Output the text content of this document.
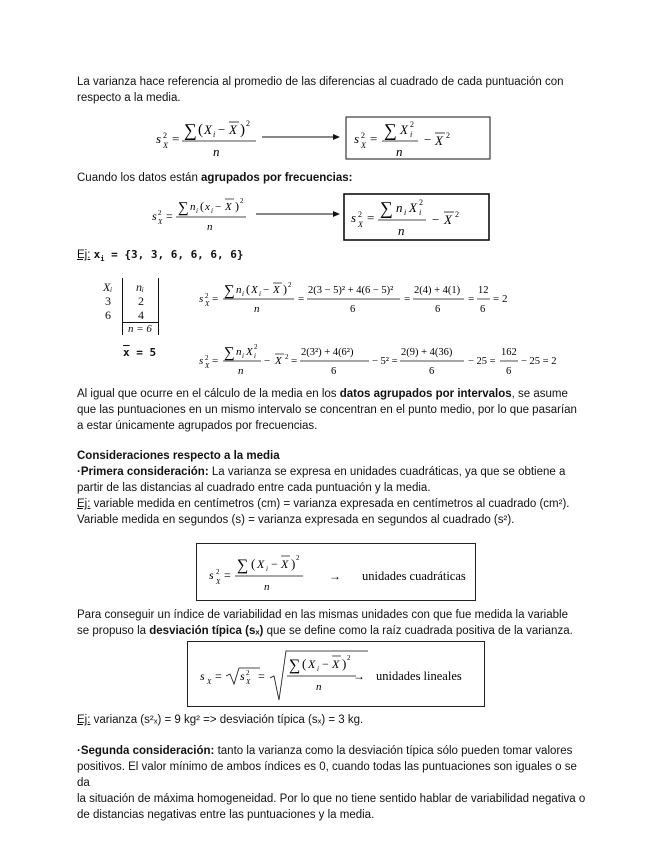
La varianza hace referencia al promedio de las diferencias al cuadrado de cada puntuación con
respecto a la media.
s 2
X = ∑ ( X i − X ) 2
n
s 2
X = ∑ X 2
i
n
− X 2
Cuando los datos están agrupados por frecuencias:
s 2
X = ∑ n i ( x i − X ) 2
n
s 2
X = ∑ n i X 2
i
n
− X 2
Ej: $x_i = \{3$, 3, 6, 6, 6, 6}
Xᵢ nᵢ
3 2
6 4
n = 6
$\overline{x} = 5$
s 2
X = ∑ n i ( X i − X ) 2
n
=
2(3 − 5)² + 4(6 − 5)²
6
=
2(4) + 4(1)
6
=
12
6
= 2
s 2
X = ∑ n i X 2
i
n
− X 2 =
2(3²) + 4(6²)
6
− 5² =
2(9) + 4(36)
6
− 25 =
162
6
− 25 = 2
Al igual que ocurre en el cálculo de la media en los datos agrupados por intervalos, se asume
que las puntuaciones en un mismo intervalo se concentran en el punto medio, por lo que pasarían
a estar únicamente agrupados por frecuencias.
Consideraciones respecto a la media
·Primera consideración: La varianza se expresa en unidades cuadráticas, ya que se obtiene a
partir de las distancias al cuadrado entre cada puntuación y la media.
Ej: variable medida en centímetros (cm) = varianza expresada en centímetros al cuadrado (cm²).
Variable medida en segundos (s) = varianza expresada en segundos al cuadrado (s²).
s 2
X =
∑ ( X i − X ) 2
n
→ unidades cuadráticas
Para conseguir un índice de variabilidad en las mismas unidades con que fue medida la variable
se propuso la desviación típica (sₓ) que se define como la raíz cuadrada positiva de la varianza.
s X = s 2
X =
∑ ( X i − X ) 2
n
→ unidades lineales
Ej: varianza (s²ₓ) = 9 kg² => desviación típica (sₓ) = 3 kg.
·Segunda consideración: tanto la varianza como la desviación típica sólo pueden tomar valores
positivos. El valor mínimo de ambos índices es 0, cuando todas las puntuaciones son iguales o se da
la situación de máxima homogeneidad. Por lo que no tiene sentido hablar de variabilidad negativa o
de distancias negativas entre las puntuaciones y la media.
